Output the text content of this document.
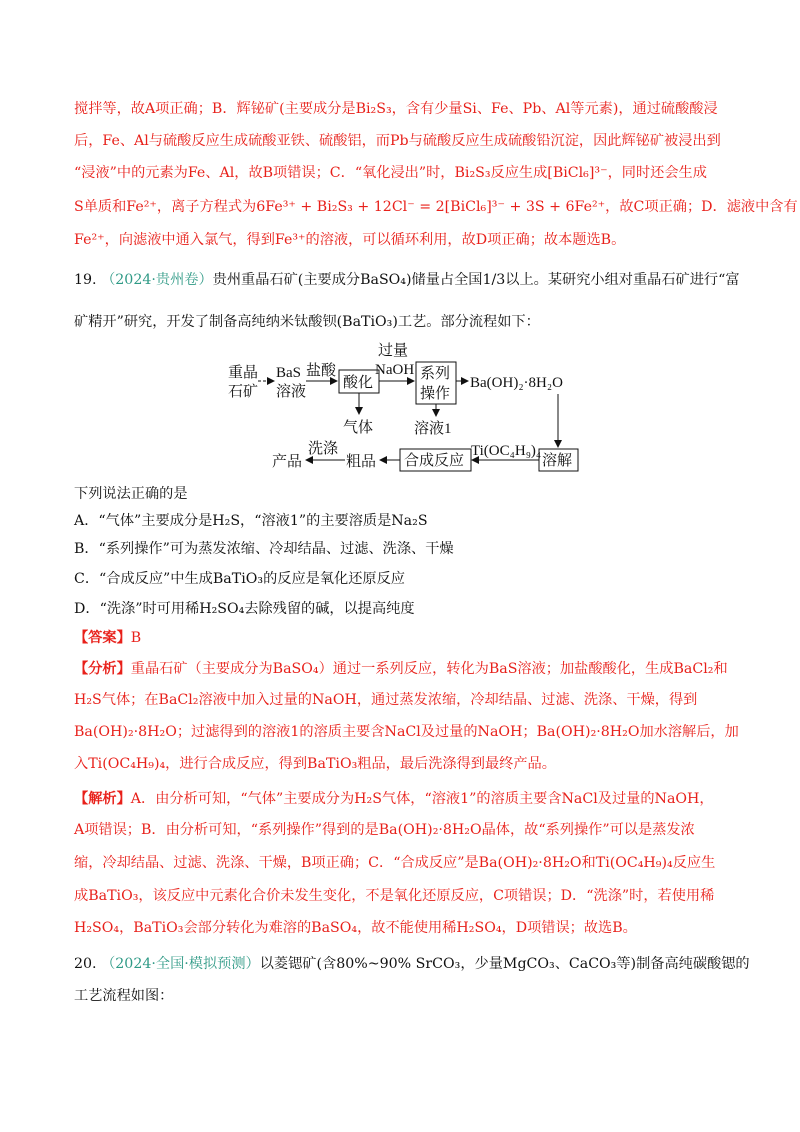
搅拌等，故A项正确；B．辉铋矿(主要成分是Bi₂S₃，含有少量Si、Fe、Pb、Al等元素)，通过硫酸酸浸
后，Fe、Al与硫酸反应生成硫酸亚铁、硫酸铝，而Pb与硫酸反应生成硫酸铅沉淀，因此辉铋矿被浸出到
“浸液”中的元素为Fe、Al，故B项错误；C．“氧化浸出”时，Bi₂S₃反应生成[BiCl₆]³⁻，同时还会生成
S单质和Fe²⁺，离子方程式为6Fe³⁺ + Bi₂S₃ + 12Cl⁻ = 2[BiCl₆]³⁻ + 3S + 6Fe²⁺，故C项正确；D．滤液中含有
Fe²⁺，向滤液中通入氯气，得到Fe³⁺的溶液，可以循环利用，故D项正确；故本题选B。
19. （2024·贵州卷）贵州重晶石矿(主要成分BaSO₄)储量占全国1/3以上。某研究小组对重晶石矿进行“富
矿精开”研究，开发了制备高纯纳米钛酸钡(BaTiO₃)工艺。部分流程如下：
重晶
石矿
BaS
溶液
盐酸
酸化
气体
过量
NaOH 系列
操作
溶液1
Ba(OH)₂·8H₂O
溶解
Ti(OC₄H₉)₄
合成反应
粗品
洗涤
产品
下列说法正确的是
A．“气体”主要成分是H₂S，“溶液1”的主要溶质是Na₂S
B．“系列操作”可为蒸发浓缩、冷却结晶、过滤、洗涤、干燥
C．“合成反应”中生成BaTiO₃的反应是氧化还原反应
D．“洗涤”时可用稀H₂SO₄去除残留的碱，以提高纯度
【答案】B
【分析】重晶石矿（主要成分为BaSO₄）通过一系列反应，转化为BaS溶液；加盐酸酸化，生成BaCl₂和
H₂S气体；在BaCl₂溶液中加入过量的NaOH，通过蒸发浓缩，冷却结晶、过滤、洗涤、干燥，得到
Ba(OH)₂·8H₂O；过滤得到的溶液1的溶质主要含NaCl及过量的NaOH；Ba(OH)₂·8H₂O加水溶解后，加
入Ti(OC₄H₉)₄，进行合成反应，得到BaTiO₃粗品，最后洗涤得到最终产品。
【解析】A．由分析可知，“气体”主要成分为H₂S气体，“溶液1”的溶质主要含NaCl及过量的NaOH，
A项错误；B．由分析可知，“系列操作”得到的是Ba(OH)₂·8H₂O晶体，故“系列操作”可以是蒸发浓
缩，冷却结晶、过滤、洗涤、干燥，B项正确；C．“合成反应”是Ba(OH)₂·8H₂O和Ti(OC₄H₉)₄反应生
成BaTiO₃，该反应中元素化合价未发生变化，不是氧化还原反应，C项错误；D．“洗涤”时，若使用稀
H₂SO₄，BaTiO₃会部分转化为难溶的BaSO₄，故不能使用稀H₂SO₄，D项错误；故选B。
20. （2024·全国·模拟预测）以菱锶矿(含80%~90% SrCO₃，少量MgCO₃、CaCO₃等)制备高纯碳酸锶的
工艺流程如图：
